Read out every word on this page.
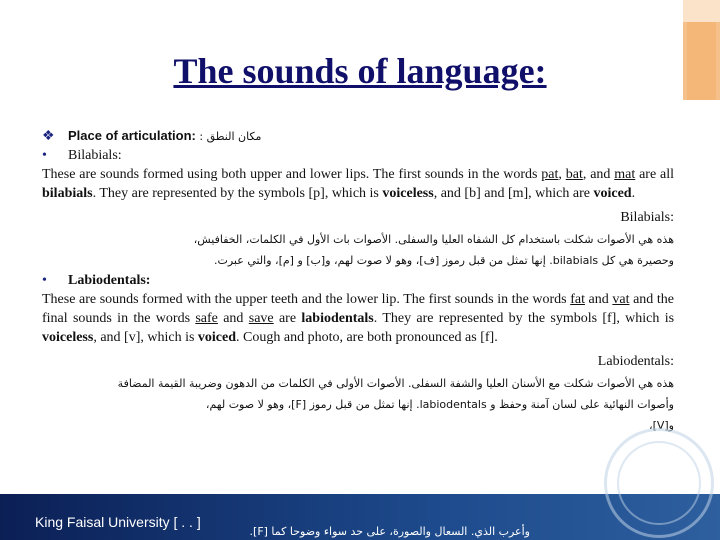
The sounds of language:
❖	Place of articulation: : مكان النطق
•	Bilabials:
These are sounds formed using both upper and lower lips. The first sounds in the words pat, bat, and mat are all bilabials. They are represented by the symbols [p], which is voiceless, and [b] and [m], which are voiced.
Bilabials:
هذه هي الأصوات شكلت باستخدام كل الشفاه العليا والسفلى. الأصوات بات الأول في الكلمات، الخفافيش،
وحصيرة هي كل bilabials. إنها تمثل من قبل رموز [ف]، وهو لا صوت لهم، و[ب] و [م]، والتي عبرت.
•	Labiodentals:
These are sounds formed with the upper teeth and the lower lip. The first sounds in the words fat and vat and the final sounds in the words safe and save are labiodentals. They are represented by the symbols [f], which is voiceless, and [v], which is voiced. Cough and photo, are both pronounced as [f].
Labiodentals:
هذه هي الأصوات شكلت مع الأسنان العليا والشفة السفلى. الأصوات الأولى في الكلمات من الدهون وضريبة القيمة المضافة
وأصوات النهائية على لسان آمنة وحفظ و labiodentals. إنها تمثل من قبل رموز [F]، وهو لا صوت لهم،
و[V]،
King Faisal University [ . . ]
وأعرب الذي. السعال والصورة، على حد سواء وضوحا كما [F].
